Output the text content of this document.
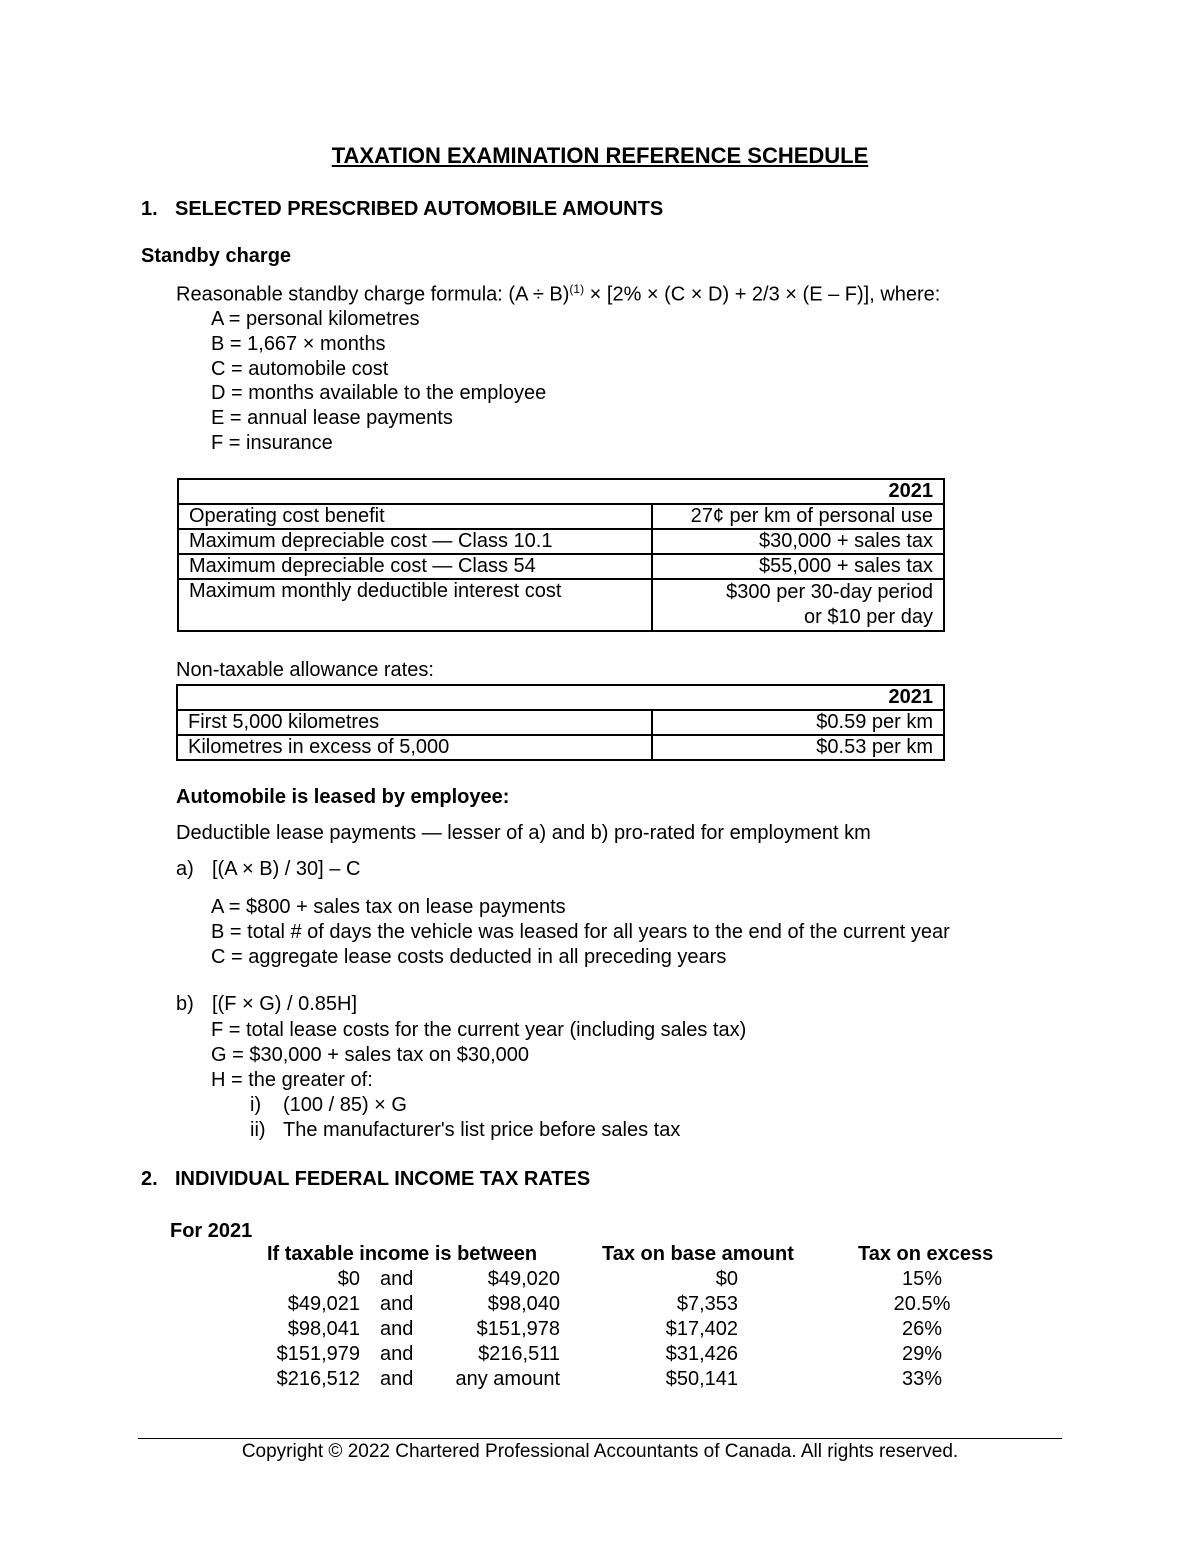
TAXATION EXAMINATION REFERENCE SCHEDULE
1. SELECTED PRESCRIBED AUTOMOBILE AMOUNTS
Standby charge
Reasonable standby charge formula: $(A \div B)^{(1)} \times [2\% \times (C \times D) + 2/3 \times (E - F)]$, where:
A = personal kilometres
B = 1,667 × months
C = automobile cost
D = months available to the employee
E = annual lease payments
F = insurance
2021	
Operating cost benefit	27¢ per km of personal use
Maximum depreciable cost — Class 10.1	$30,000 + sales tax
Maximum depreciable cost — Class 54	$55,000 + sales tax
Maximum monthly deductible interest cost	$300 per 30-day period
or $10 per day
Non-taxable allowance rates:
2021	
First 5,000 kilometres	$0.59 per km
Kilometres in excess of 5,000	$0.53 per km
Automobile is leased by employee:
Deductible lease payments — lesser of a) and b) pro-rated for employment km
a) [(A × B) / 30] – C
A = $800 + sales tax on lease payments
B = total # of days the vehicle was leased for all years to the end of the current year
C = aggregate lease costs deducted in all preceding years
b) [(F × G) / 0.85H]
F = total lease costs for the current year (including sales tax)
G = $30,000 + sales tax on $30,000
H = the greater of:
i) (100 / 85) × G
ii) The manufacturer's list price before sales tax
2. INDIVIDUAL FEDERAL INCOME TAX RATES
For 2021
If taxable income is between	Tax on base amount	Tax on excess
$0 and	$49,020	$0	15%
$49,021 and	$98,040	$7,353	20.5%
$98,041 and	$151,978	$17,402	26%
$151,979 and	$216,511	$31,426	29%
$216,512 and	any amount	$50,141	33%
Copyright © 2022 Chartered Professional Accountants of Canada. All rights reserved.
